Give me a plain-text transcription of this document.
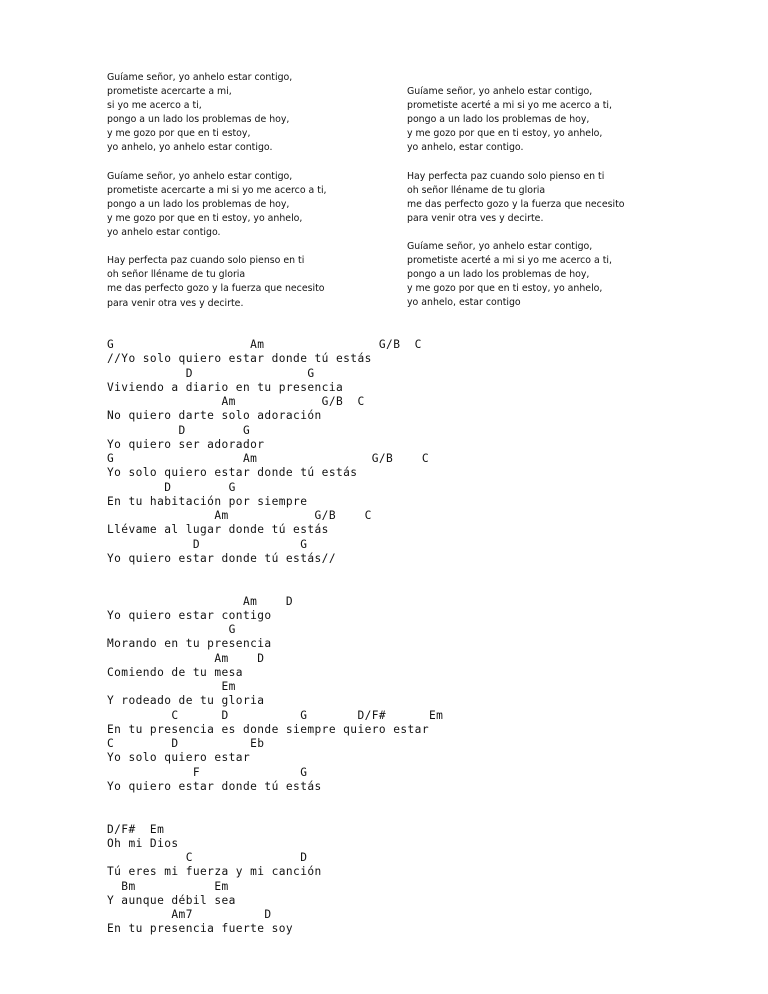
Guíame señor, yo anhelo estar contigo,
prometiste acercarte a mi,
si yo me acerco a ti,
pongo a un lado los problemas de hoy,
y me gozo por que en ti estoy,
yo anhelo, yo anhelo estar contigo.
Guíame señor, yo anhelo estar contigo,
prometiste acercarte a mi si yo me acerco a ti,
pongo a un lado los problemas de hoy,
y me gozo por que en ti estoy, yo anhelo,
yo anhelo estar contigo.
Hay perfecta paz cuando solo pienso en ti
oh señor lléname de tu gloria
me das perfecto gozo y la fuerza que necesito
para venir otra ves y decirte.
Guíame señor, yo anhelo estar contigo,
prometiste acerté a mi si yo me acerco a ti,
pongo a un lado los problemas de hoy,
y me gozo por que en ti estoy, yo anhelo,
yo anhelo, estar contigo.
Hay perfecta paz cuando solo pienso en ti
oh señor lléname de tu gloria
me das perfecto gozo y la fuerza que necesito
para venir otra ves y decirte.
Guíame señor, yo anhelo estar contigo,
prometiste acerté a mi si yo me acerco a ti,
pongo a un lado los problemas de hoy,
y me gozo por que en ti estoy, yo anhelo,
yo anhelo, estar contigo
G                   Am                G/B  C
//Yo solo quiero estar donde tú estás
D                G
Viviendo a diario en tu presencia
Am            G/B  C
No quiero darte solo adoración
D        G
Yo quiero ser adorador
G                  Am                G/B    C
Yo solo quiero estar donde tú estás
D        G
En tu habitación por siempre
Am            G/B    C
Llévame al lugar donde tú estás
D              G
Yo quiero estar donde tú estás//
Am    D
Yo quiero estar contigo
G
Morando en tu presencia
Am    D
Comiendo de tu mesa
Em
Y rodeado de tu gloria
C      D          G       D/F#      Em
En tu presencia es donde siempre quiero estar
C        D          Eb
Yo solo quiero estar
F              G
Yo quiero estar donde tú estás
D/F#  Em
Oh mi Dios
C               D
Tú eres mi fuerza y mi canción
Bm           Em
Y aunque débil sea
Am7          D
En tu presencia fuerte soy
